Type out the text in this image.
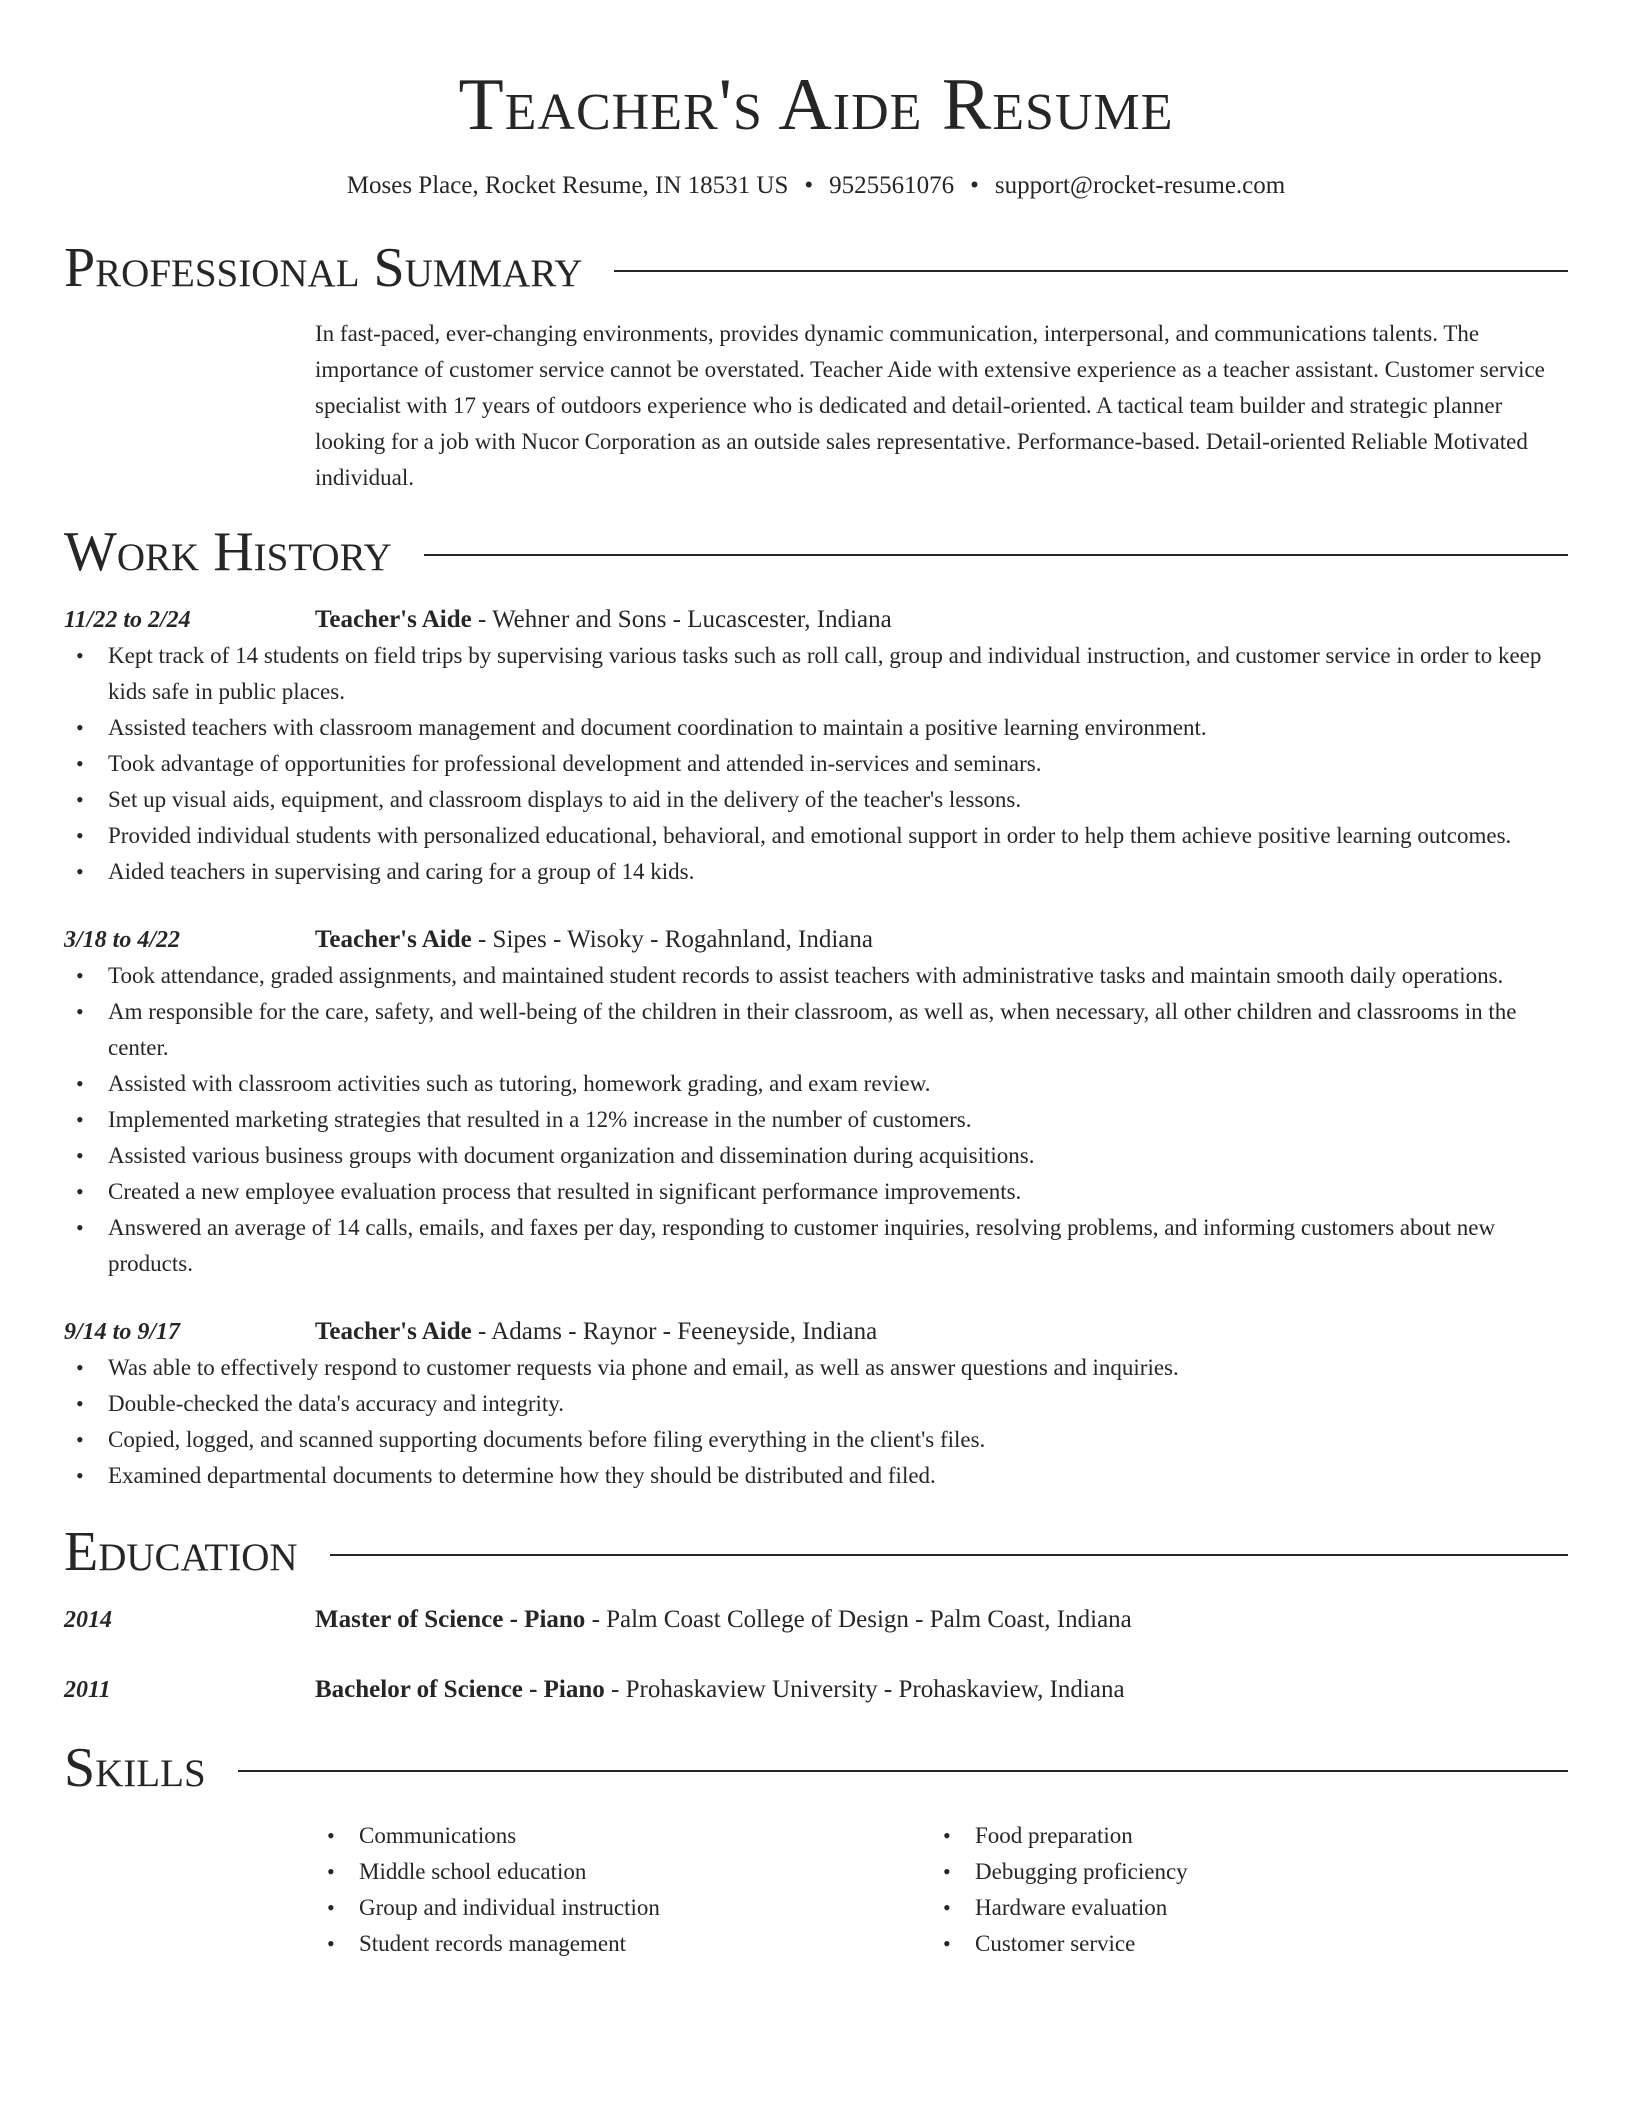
Teacher's Aide Resume
Moses Place, Rocket Resume, IN 18531 US • 9525561076 • support@rocket-resume.com
Professional Summary
In fast-paced, ever-changing environments, provides dynamic communication, interpersonal, and communications talents. The importance of customer service cannot be overstated. Teacher Aide with extensive experience as a teacher assistant. Customer service specialist with 17 years of outdoors experience who is dedicated and detail-oriented. A tactical team builder and strategic planner looking for a job with Nucor Corporation as an outside sales representative. Performance-based. Detail-oriented Reliable Motivated individual.
Work History
11/22 to 2/24	Teacher's Aide - Wehner and Sons - Lucascester, Indiana
• Kept track of 14 students on field trips by supervising various tasks such as roll call, group and individual instruction, and customer service in order to keep kids safe in public places.
• Assisted teachers with classroom management and document coordination to maintain a positive learning environment.
• Took advantage of opportunities for professional development and attended in-services and seminars.
• Set up visual aids, equipment, and classroom displays to aid in the delivery of the teacher's lessons.
• Provided individual students with personalized educational, behavioral, and emotional support in order to help them achieve positive learning outcomes.
• Aided teachers in supervising and caring for a group of 14 kids.
3/18 to 4/22	Teacher's Aide - Sipes - Wisoky - Rogahnland, Indiana
• Took attendance, graded assignments, and maintained student records to assist teachers with administrative tasks and maintain smooth daily operations.
• Am responsible for the care, safety, and well-being of the children in their classroom, as well as, when necessary, all other children and classrooms in the center.
• Assisted with classroom activities such as tutoring, homework grading, and exam review.
• Implemented marketing strategies that resulted in a 12% increase in the number of customers.
• Assisted various business groups with document organization and dissemination during acquisitions.
• Created a new employee evaluation process that resulted in significant performance improvements.
• Answered an average of 14 calls, emails, and faxes per day, responding to customer inquiries, resolving problems, and informing customers about new products.
9/14 to 9/17	Teacher's Aide - Adams - Raynor - Feeneyside, Indiana
• Was able to effectively respond to customer requests via phone and email, as well as answer questions and inquiries.
• Double-checked the data's accuracy and integrity.
• Copied, logged, and scanned supporting documents before filing everything in the client's files.
• Examined departmental documents to determine how they should be distributed and filed.
Education
2014	Master of Science - Piano - Palm Coast College of Design - Palm Coast, Indiana
2011	Bachelor of Science - Piano - Prohaskaview University - Prohaskaview, Indiana
Skills
• Communications
• Middle school education
• Group and individual instruction
• Student records management
• Food preparation
• Debugging proficiency
• Hardware evaluation
• Customer service
